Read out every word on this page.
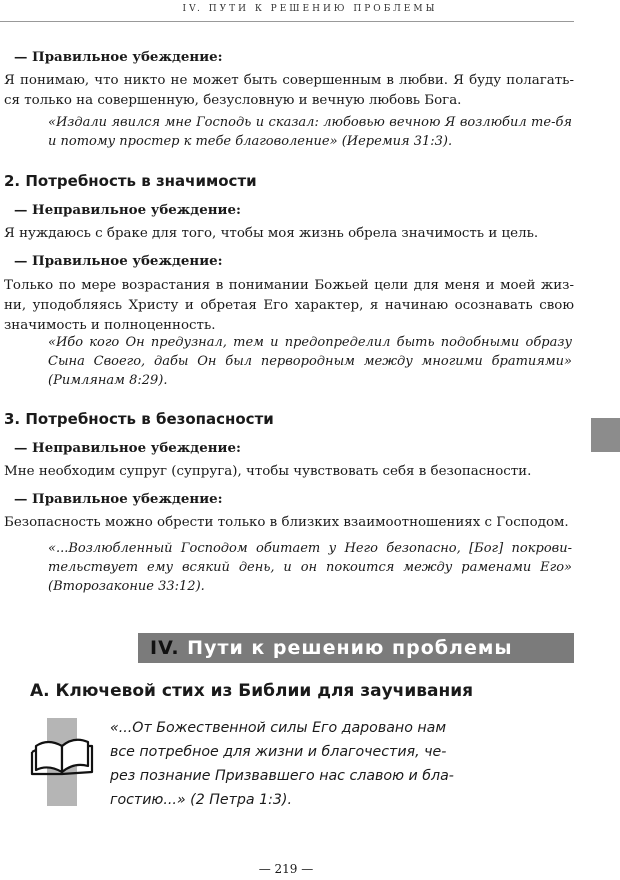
IV. ПУТИ К РЕШЕНИЮ ПРОБЛЕМЫ

— Правильное убеждение:

Я понимаю, что никто не может быть совершенным в любви. Я буду полагать-ся только на совершенную, безусловную и вечную любовь Бога.

«Издали явился мне Господь и сказал: любовью вечною Я возлюбил те-бя и потому простер к тебе благоволение» (Иеремия 31:3).

2. Потребность в значимости

— Неправильное убеждение:

Я нуждаюсь с браке для того, чтобы моя жизнь обрела значимость и цель.

— Правильное убеждение:

Только по мере возрастания в понимании Божьей цели для меня и моей жиз-ни, уподобляясь Христу и обретая Его характер, я начинаю осознавать свою значимость и полноценность.

«Ибо кого Он предузнал, тем и предопределил быть подобными образу Сына Своего, дабы Он был первородным между многими братиями» (Римлянам 8:29).

3. Потребность в безопасности

— Неправильное убеждение:

Мне необходим супруг (супруга), чтобы чувствовать себя в безопасности.

— Правильное убеждение:

Безопасность можно обрести только в близких взаимоотношениях с Господом.

«...Возлюбленный Господом обитает у Него безопасно, [Бог] покрови-тельствует ему всякий день, и он покоится между раменами Его» (Второзаконие 33:12).

IV. Пути к решению проблемы
А. Ключевой стих из Библии для заучивания

«...От Божественной силы Его даровано нам все потребное для жизни и благочестия, че-рез познание Призвавшего нас славою и бла-гостию...» (2 Петра 1:3).

— 219 —
